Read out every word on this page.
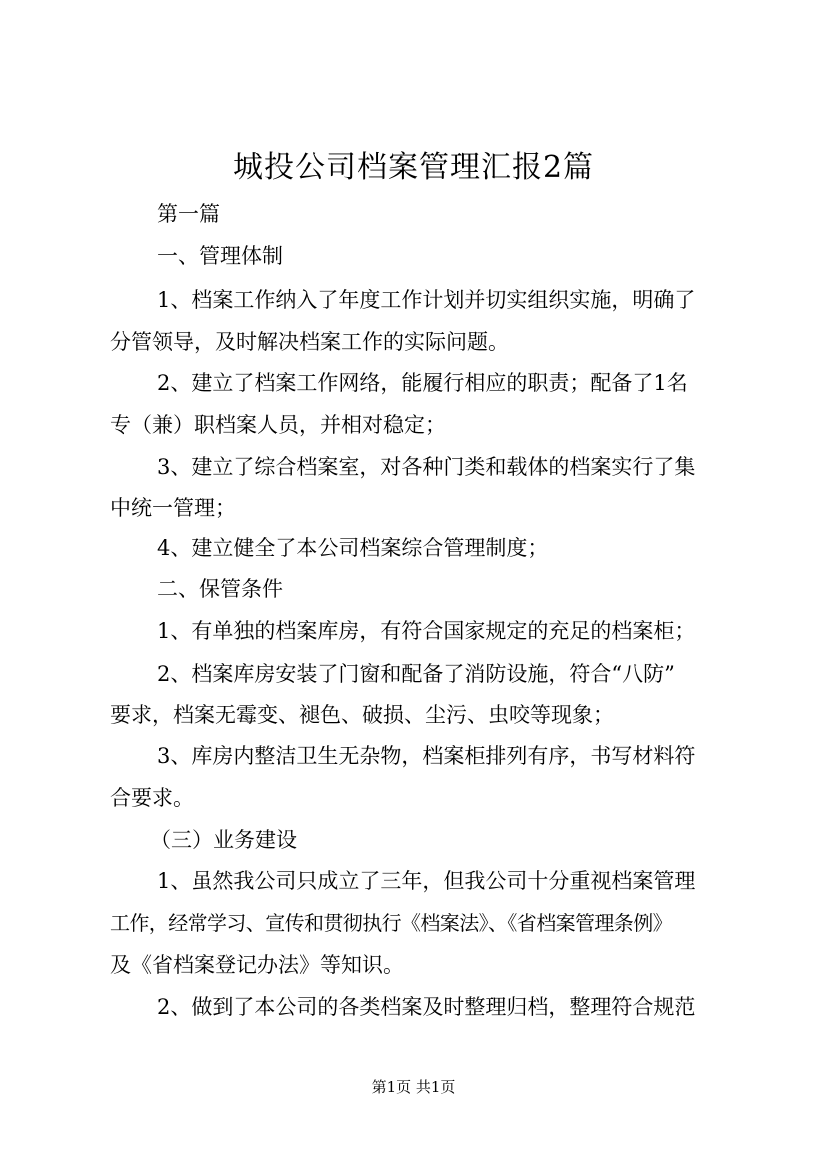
城投公司档案管理汇报2篇

第一篇

一、管理体制

1、档案工作纳入了年度工作计划并切实组织实施，明确了

分管领导，及时解决档案工作的实际问题。

2、建立了档案工作网络，能履行相应的职责；配备了1名

专（兼）职档案人员，并相对稳定；

3、建立了综合档案室，对各种门类和载体的档案实行了集

中统一管理；

4、建立健全了本公司档案综合管理制度；

二、保管条件

1、有单独的档案库房，有符合国家规定的充足的档案柜；

2、档案库房安装了门窗和配备了消防设施，符合“八防”

要求，档案无霉变、褪色、破损、尘污、虫咬等现象；

3、库房内整洁卫生无杂物，档案柜排列有序，书写材料符

合要求。

（三）业务建设

1、虽然我公司只成立了三年，但我公司十分重视档案管理

工作，经常学习、宣传和贯彻执行《档案法》、《省档案管理条例》

及《省档案登记办法》等知识。

2、做到了本公司的各类档案及时整理归档，整理符合规范

第1页 共1页
